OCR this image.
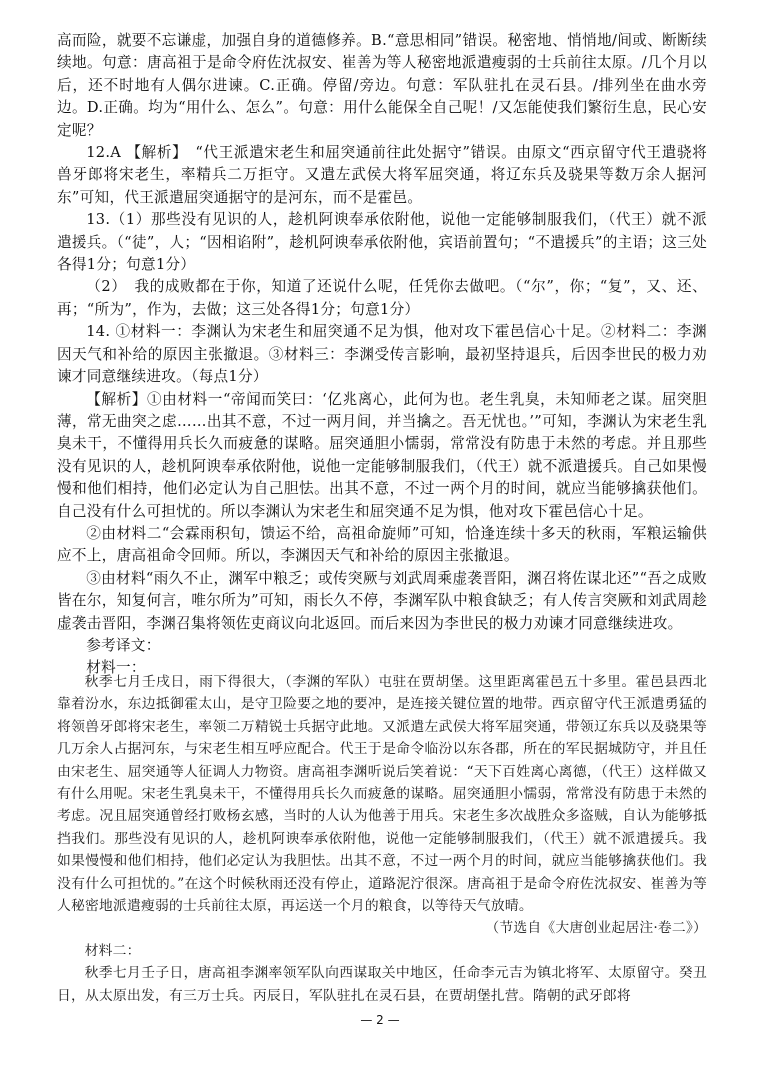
高而险，就要不忘谦虚，加强自身的道德修养。B.“意思相同”错误。秘密地、悄悄地/间或、断断续续地。句意：唐高祖于是命令府佐沈叔安、崔善为等人秘密地派遣瘦弱的士兵前往太原。/几个月以后，还不时地有人偶尔进谏。C.正确。停留/旁边。句意：军队驻扎在灵石县。/排列坐在曲水旁边。D.正确。均为“用什么、怎么”。句意：用什么能保全自己呢！/又怎能使我们繁衍生息，民心安定呢？

12.A 【解析】　“代王派遣宋老生和屈突通前往此处据守”错误。由原文“西京留守代王遣骁将兽牙郎将宋老生，率精兵二万拒守。又遣左武侯大将军屈突通，将辽东兵及骁果等数万余人据河东”可知，代王派遣屈突通据守的是河东，而不是霍邑。

13.（1）那些没有见识的人，趁机阿谀奉承依附他，说他一定能够制服我们，（代王）就不派遣援兵。（“徒”，人；“因相谄附”，趁机阿谀奉承依附他，宾语前置句；“不遣援兵”的主语；这三处各得1分；句意1分）

（2）　我的成败都在于你，知道了还说什么呢，任凭你去做吧。（“尔”，你；“复”，又、还、再；“所为”，作为，去做；这三处各得1分；句意1分）

14. ①材料一：李渊认为宋老生和屈突通不足为惧，他对攻下霍邑信心十足。②材料二：李渊因天气和补给的原因主张撤退。③材料三：李渊受传言影响，最初坚持退兵，后因李世民的极力劝谏才同意继续进攻。（每点1分）

【解析】①由材料一“帝闻而笑曰：‘亿兆离心，此何为也。老生乳臭，未知师老之谋。屈突胆薄，常无曲突之虑……出其不意，不过一两月间，并当擒之。吾无忧也。’”可知，李渊认为宋老生乳臭未干，不懂得用兵长久而疲惫的谋略。屈突通胆小懦弱，常常没有防患于未然的考虑。并且那些没有见识的人，趁机阿谀奉承依附他，说他一定能够制服我们，（代王）就不派遣援兵。自己如果慢慢和他们相持，他们必定认为自己胆怯。出其不意，不过一两个月的时间，就应当能够擒获他们。自己没有什么可担忧的。所以李渊认为宋老生和屈突通不足为惧，他对攻下霍邑信心十足。

②由材料二“会霖雨积旬，馈运不给，高祖命旋师”可知，恰逢连续十多天的秋雨，军粮运输供应不上，唐高祖命令回师。所以，李渊因天气和补给的原因主张撤退。

③由材料“雨久不止，渊军中粮乏；或传突厥与刘武周乘虚袭晋阳，渊召将佐谋北还”“吾之成败皆在尔，知复何言，唯尔所为”可知，雨长久不停，李渊军队中粮食缺乏；有人传言突厥和刘武周趁虚袭击晋阳，李渊召集将领佐吏商议向北返回。而后来因为李世民的极力劝谏才同意继续进攻。

参考译文：

材料一：

秋季七月壬戌日，雨下得很大，（李渊的军队）屯驻在贾胡堡。这里距离霍邑五十多里。霍邑县西北靠着汾水，东边抵御霍太山，是守卫险要之地的要冲，是连接关键位置的地带。西京留守代王派遣勇猛的将领兽牙郎将宋老生，率领二万精锐士兵据守此地。又派遣左武侯大将军屈突通，带领辽东兵以及骁果等几万余人占据河东，与宋老生相互呼应配合。代王于是命令临汾以东各郡，所在的军民据城防守，并且任由宋老生、屈突通等人征调人力物资。唐高祖李渊听说后笑着说：“天下百姓离心离德，（代王）这样做又有什么用呢。宋老生乳臭未干，不懂得用兵长久而疲惫的谋略。屈突通胆小懦弱，常常没有防患于未然的考虑。况且屈突通曾经打败杨玄感，当时的人认为他善于用兵。宋老生多次战胜众多盗贼，自认为能够抵挡我们。那些没有见识的人，趁机阿谀奉承依附他，说他一定能够制服我们，（代王）就不派遣援兵。我如果慢慢和他们相持，他们必定认为我胆怯。出其不意，不过一两个月的时间，就应当能够擒获他们。我没有什么可担忧的。”在这个时候秋雨还没有停止，道路泥泞很深。唐高祖于是命令府佐沈叔安、崔善为等人秘密地派遣瘦弱的士兵前往太原，再运送一个月的粮食，以等待天气放晴。

（节选自《大唐创业起居注·卷二》）

材料二：

秋季七月壬子日，唐高祖李渊率领军队向西谋取关中地区，任命李元吉为镇北将军、太原留守。癸丑日，从太原出发，有三万士兵。丙辰日，军队驻扎在灵石县，在贾胡堡扎营。隋朝的武牙郎将

— 2 —
